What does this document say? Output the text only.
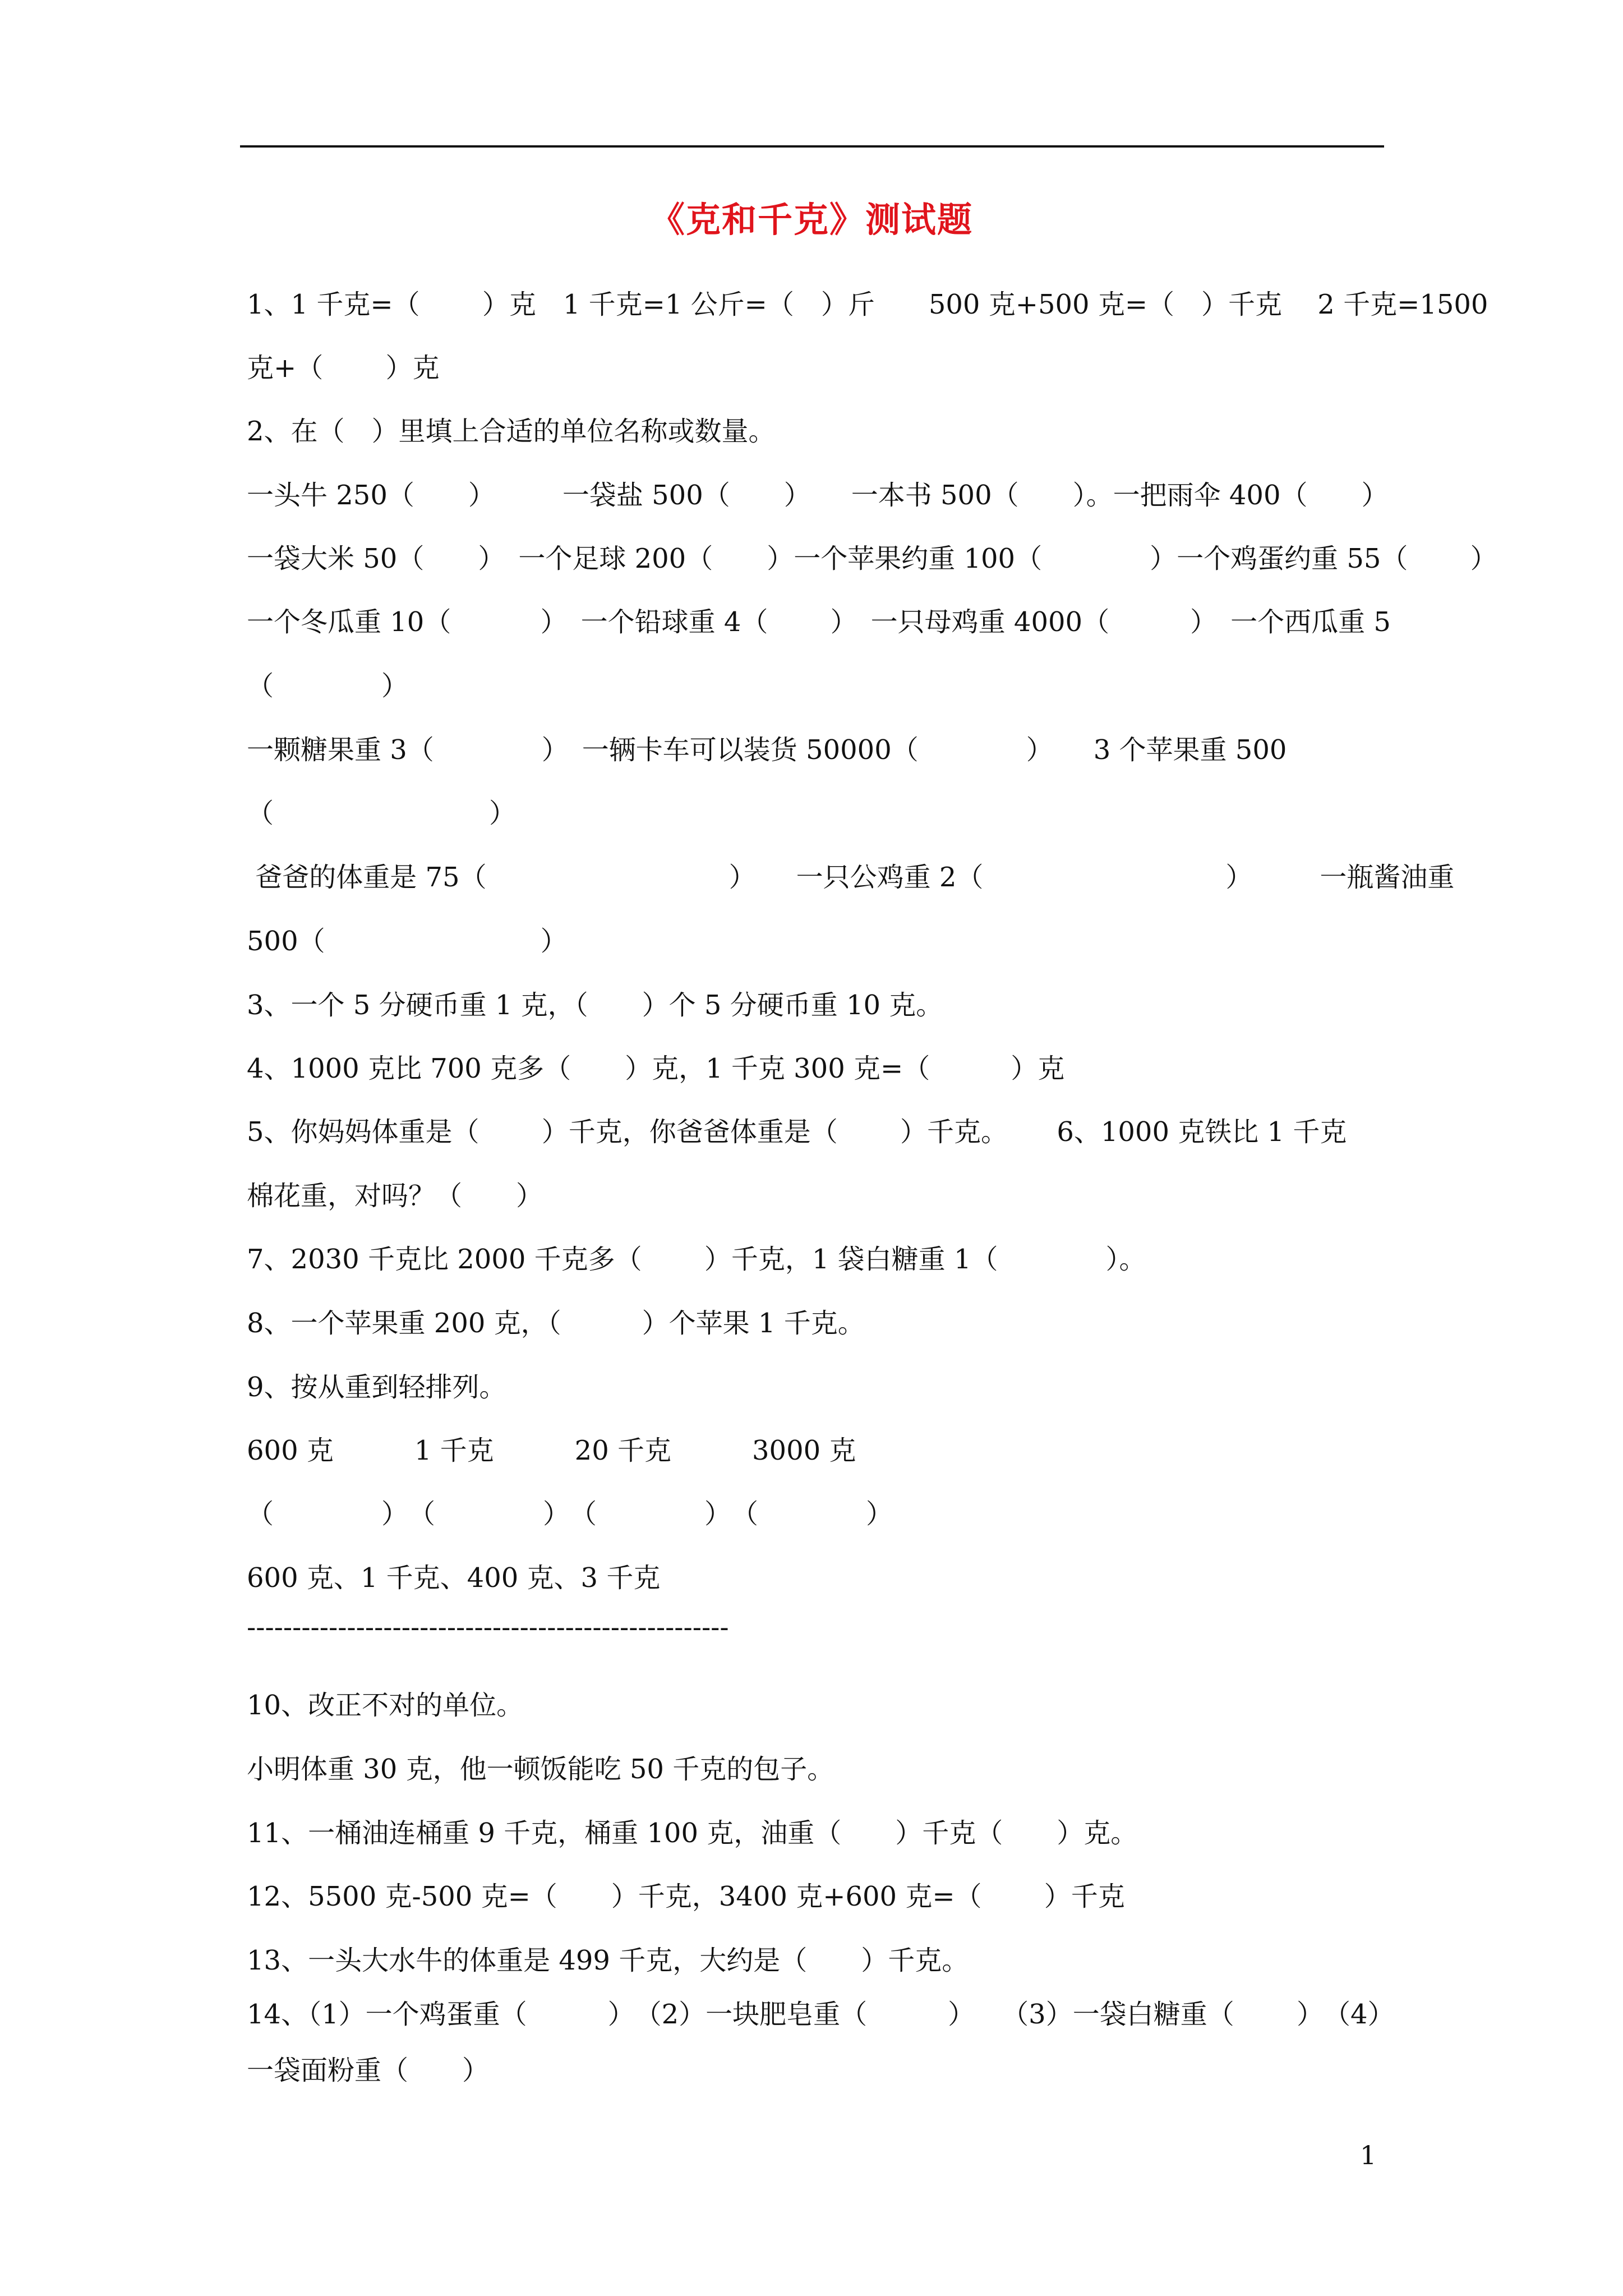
《克和千克》测试题
1、1 千克=（　　 ）克　1 千克=1 公斤=（　）斤　　500 克+500 克=（　）千克　 2 千克=1500
克+（　　 ）克
2、在（　）里填上合适的单位名称或数量。
一头牛 250（　　）　　　一袋盐 500（　　）　　一本书 500（　　）。一把雨伞 400（　　）
一袋大米 50（　　）　一个足球 200（　　）一个苹果约重 100（　　　　）一个鸡蛋约重 55（　　 ）
一个冬瓜重 10（　　　 ）　一个铅球重 4（　　 ）　一只母鸡重 4000（　　　）　一个西瓜重 5
（　　　　）
一颗糖果重 3（　　　　）　一辆卡车可以装货 50000（　　　　）　　3 个苹果重 500
（　　　　　　　　）
爸爸的体重是 75（　　　　　　　　　）　　一只公鸡重 2（　　　　　　　　　）　　　一瓶酱油重
500（　　　　　　　　）
3、一个 5 分硬币重 1 克，（　　）个 5 分硬币重 10 克。
4、1000 克比 700 克多（　　）克，1 千克 300 克=（　　　）克
5、你妈妈体重是（　　 ）千克，你爸爸体重是（　　 ）千克。　　 6、1000 克铁比 1 千克
棉花重，对吗？（　　）
7、2030 千克比 2000 千克多（　　 ）千克，1 袋白糖重 1（　　　　）。
8、一个苹果重 200 克，（　　　）个苹果 1 千克。
9、按从重到轻排列。
600 克　　　1 千克　　　20 千克　　　3000 克
（　　　　）　（　　　　）　（　　　　）　（　　　　）
600 克、1 千克、400 克、3 千克
-----------------------------------------------------
10、改正不对的单位。
小明体重 30 克，他一顿饭能吃 50 千克的包子。
11、一桶油连桶重 9 千克，桶重 100 克，油重（　　）千克（　　）克。
12、5500 克-500 克=（　　）千克，3400 克+600 克=（　　 ）千克
13、一头大水牛的体重是 499 千克，大约是（　　）千克。
14、（1）一个鸡蛋重（　　　）　（2）一块肥皂重（　　　）　　（3）一袋白糖重（　　 ）　（4）
一袋面粉重（　　）
1
